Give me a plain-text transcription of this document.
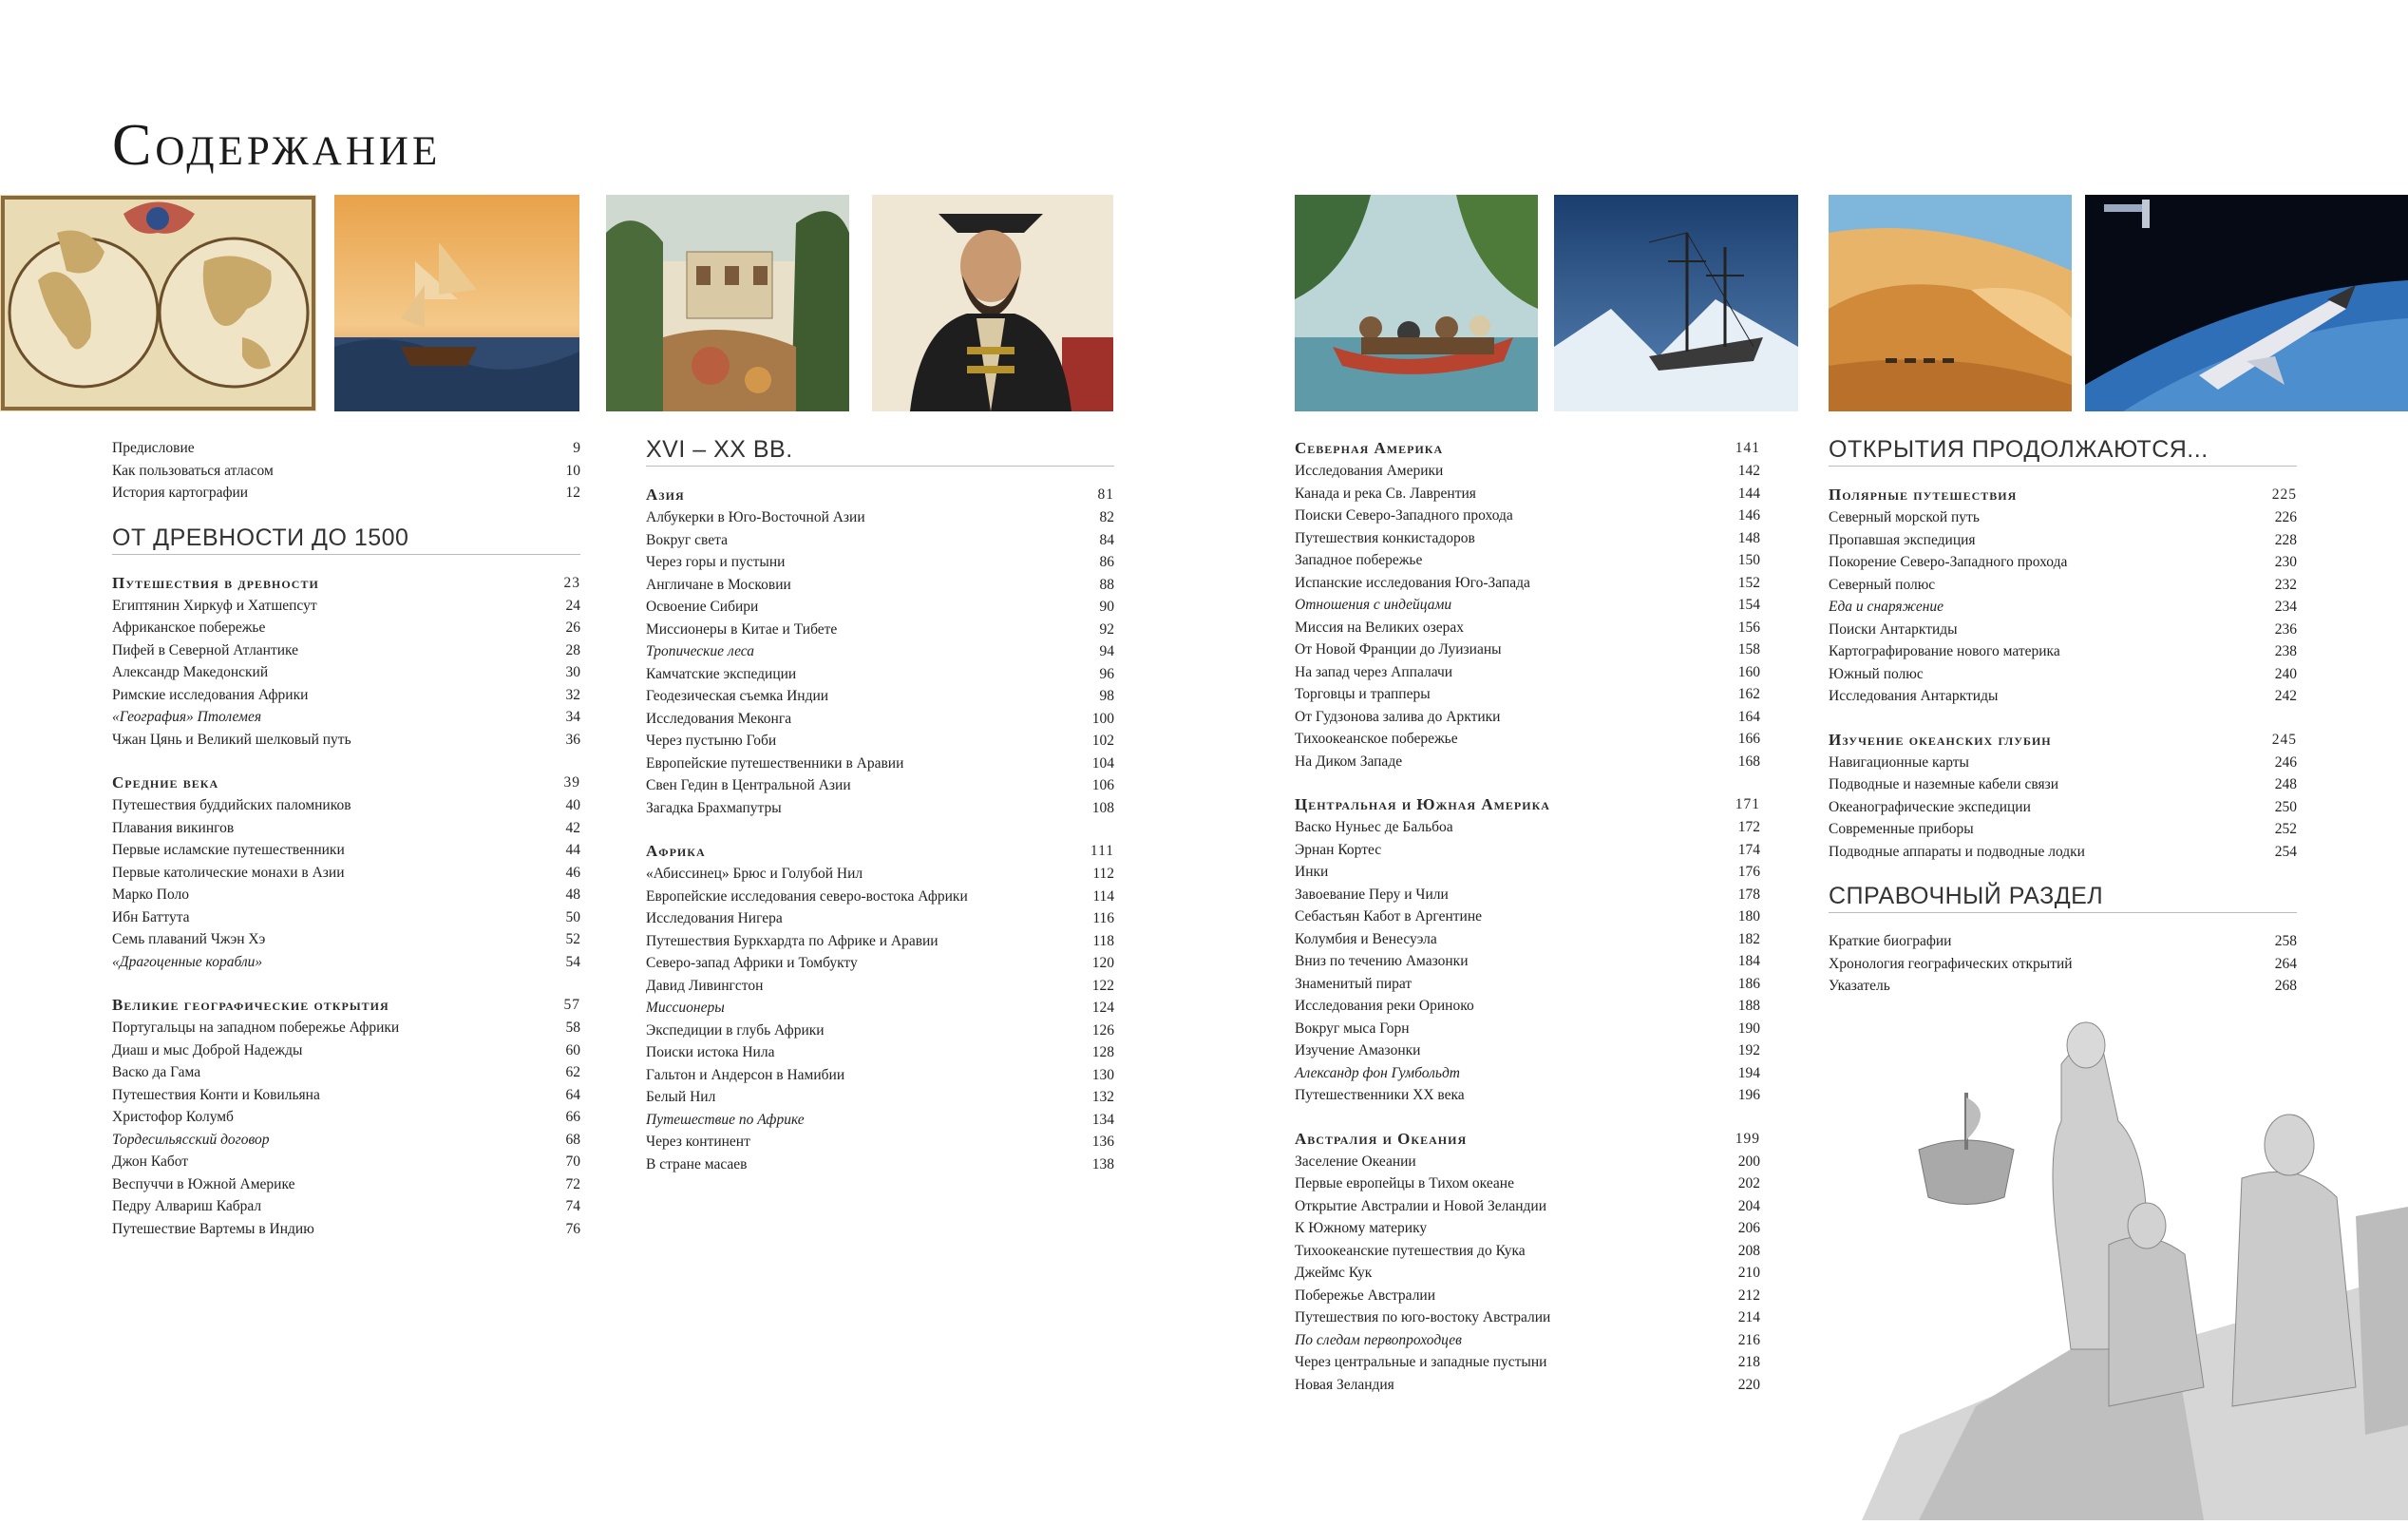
Содержание
Предисловие	9
Как пользоваться атласом	10
История картографии	12
ОТ ДРЕВНОСТИ ДО 1500
Путешествия в древности	23
Египтянин Хиркуф и Хатшепсут	24
Африканское побережье	26
Пифей в Северной Атлантике	28
Александр Македонский	30
Римские исследования Африки	32
«География» Птолемея	34
Чжан Цянь и Великий шелковый путь	36
Средние века	39
Путешествия буддийских паломников	40
Плавания викингов	42
Первые исламские путешественники	44
Первые католические монахи в Азии	46
Марко Поло	48
Ибн Баттута	50
Семь плаваний Чжэн Хэ	52
«Драгоценные корабли»	54
Великие географические открытия	57
Португальцы на западном побережье Африки	58
Диаш и мыс Доброй Надежды	60
Васко да Гама	62
Путешествия Конти и Ковильяна	64
Христофор Колумб	66
Тордесильясский договор	68
Джон Кабот	70
Веспуччи в Южной Америке	72
Педру Алвариш Кабрал	74
Путешествие Вартемы в Индию	76
XVI – XX ВВ.
Азия	81
Албукерки в Юго-Восточной Азии	82
Вокруг света	84
Через горы и пустыни	86
Англичане в Московии	88
Освоение Сибири	90
Миссионеры в Китае и Тибете	92
Тропические леса	94
Камчатские экспедиции	96
Геодезическая съемка Индии	98
Исследования Меконга	100
Через пустыню Гоби	102
Европейские путешественники в Аравии	104
Свен Гедин в Центральной Азии	106
Загадка Брахмапутры	108
Африка	111
«Абиссинец» Брюс и Голубой Нил	112
Европейские исследования северо-востока Африки	114
Исследования Нигера	116
Путешествия Буркхардта по Африке и Аравии	118
Северо-запад Африки и Томбукту	120
Давид Ливингстон	122
Миссионеры	124
Экспедиции в глубь Африки	126
Поиски истока Нила	128
Гальтон и Андерсон в Намибии	130
Белый Нил	132
Путешествие по Африке	134
Через континент	136
В стране масаев	138
Северная Америка	141
Исследования Америки	142
Канада и река Св. Лаврентия	144
Поиски Северо-Западного прохода	146
Путешествия конкистадоров	148
Западное побережье	150
Испанские исследования Юго-Запада	152
Отношения с индейцами	154
Миссия на Великих озерах	156
От Новой Франции до Луизианы	158
На запад через Аппалачи	160
Торговцы и трапперы	162
От Гудзонова залива до Арктики	164
Тихоокеанское побережье	166
На Диком Западе	168
Центральная и Южная Америка	171
Васко Нуньес де Бальбоа	172
Эрнан Кортес	174
Инки	176
Завоевание Перу и Чили	178
Себастьян Кабот в Аргентине	180
Колумбия и Венесуэла	182
Вниз по течению Амазонки	184
Знаменитый пират	186
Исследования реки Ориноко	188
Вокруг мыса Горн	190
Изучение Амазонки	192
Александр фон Гумбольдт	194
Путешественники XX века	196
Австралия и Океания	199
Заселение Океании	200
Первые европейцы в Тихом океане	202
Открытие Австралии и Новой Зеландии	204
К Южному материку	206
Тихоокеанские путешествия до Кука	208
Джеймс Кук	210
Побережье Австралии	212
Путешествия по юго-востоку Австралии	214
По следам первопроходцев	216
Через центральные и западные пустыни	218
Новая Зеландия	220
ОТКРЫТИЯ ПРОДОЛЖАЮТСЯ...
Полярные путешествия	225
Северный морской путь	226
Пропавшая экспедиция	228
Покорение Северо-Западного прохода	230
Северный полюс	232
Еда и снаряжение	234
Поиски Антарктиды	236
Картографирование нового материка	238
Южный полюс	240
Исследования Антарктиды	242
Изучение океанских глубин	245
Навигационные карты	246
Подводные и наземные кабели связи	248
Океанографические экспедиции	250
Современные приборы	252
Подводные аппараты и подводные лодки	254
СПРАВОЧНЫЙ РАЗДЕЛ
Краткие биографии	258
Хронология географических открытий	264
Указатель	268
